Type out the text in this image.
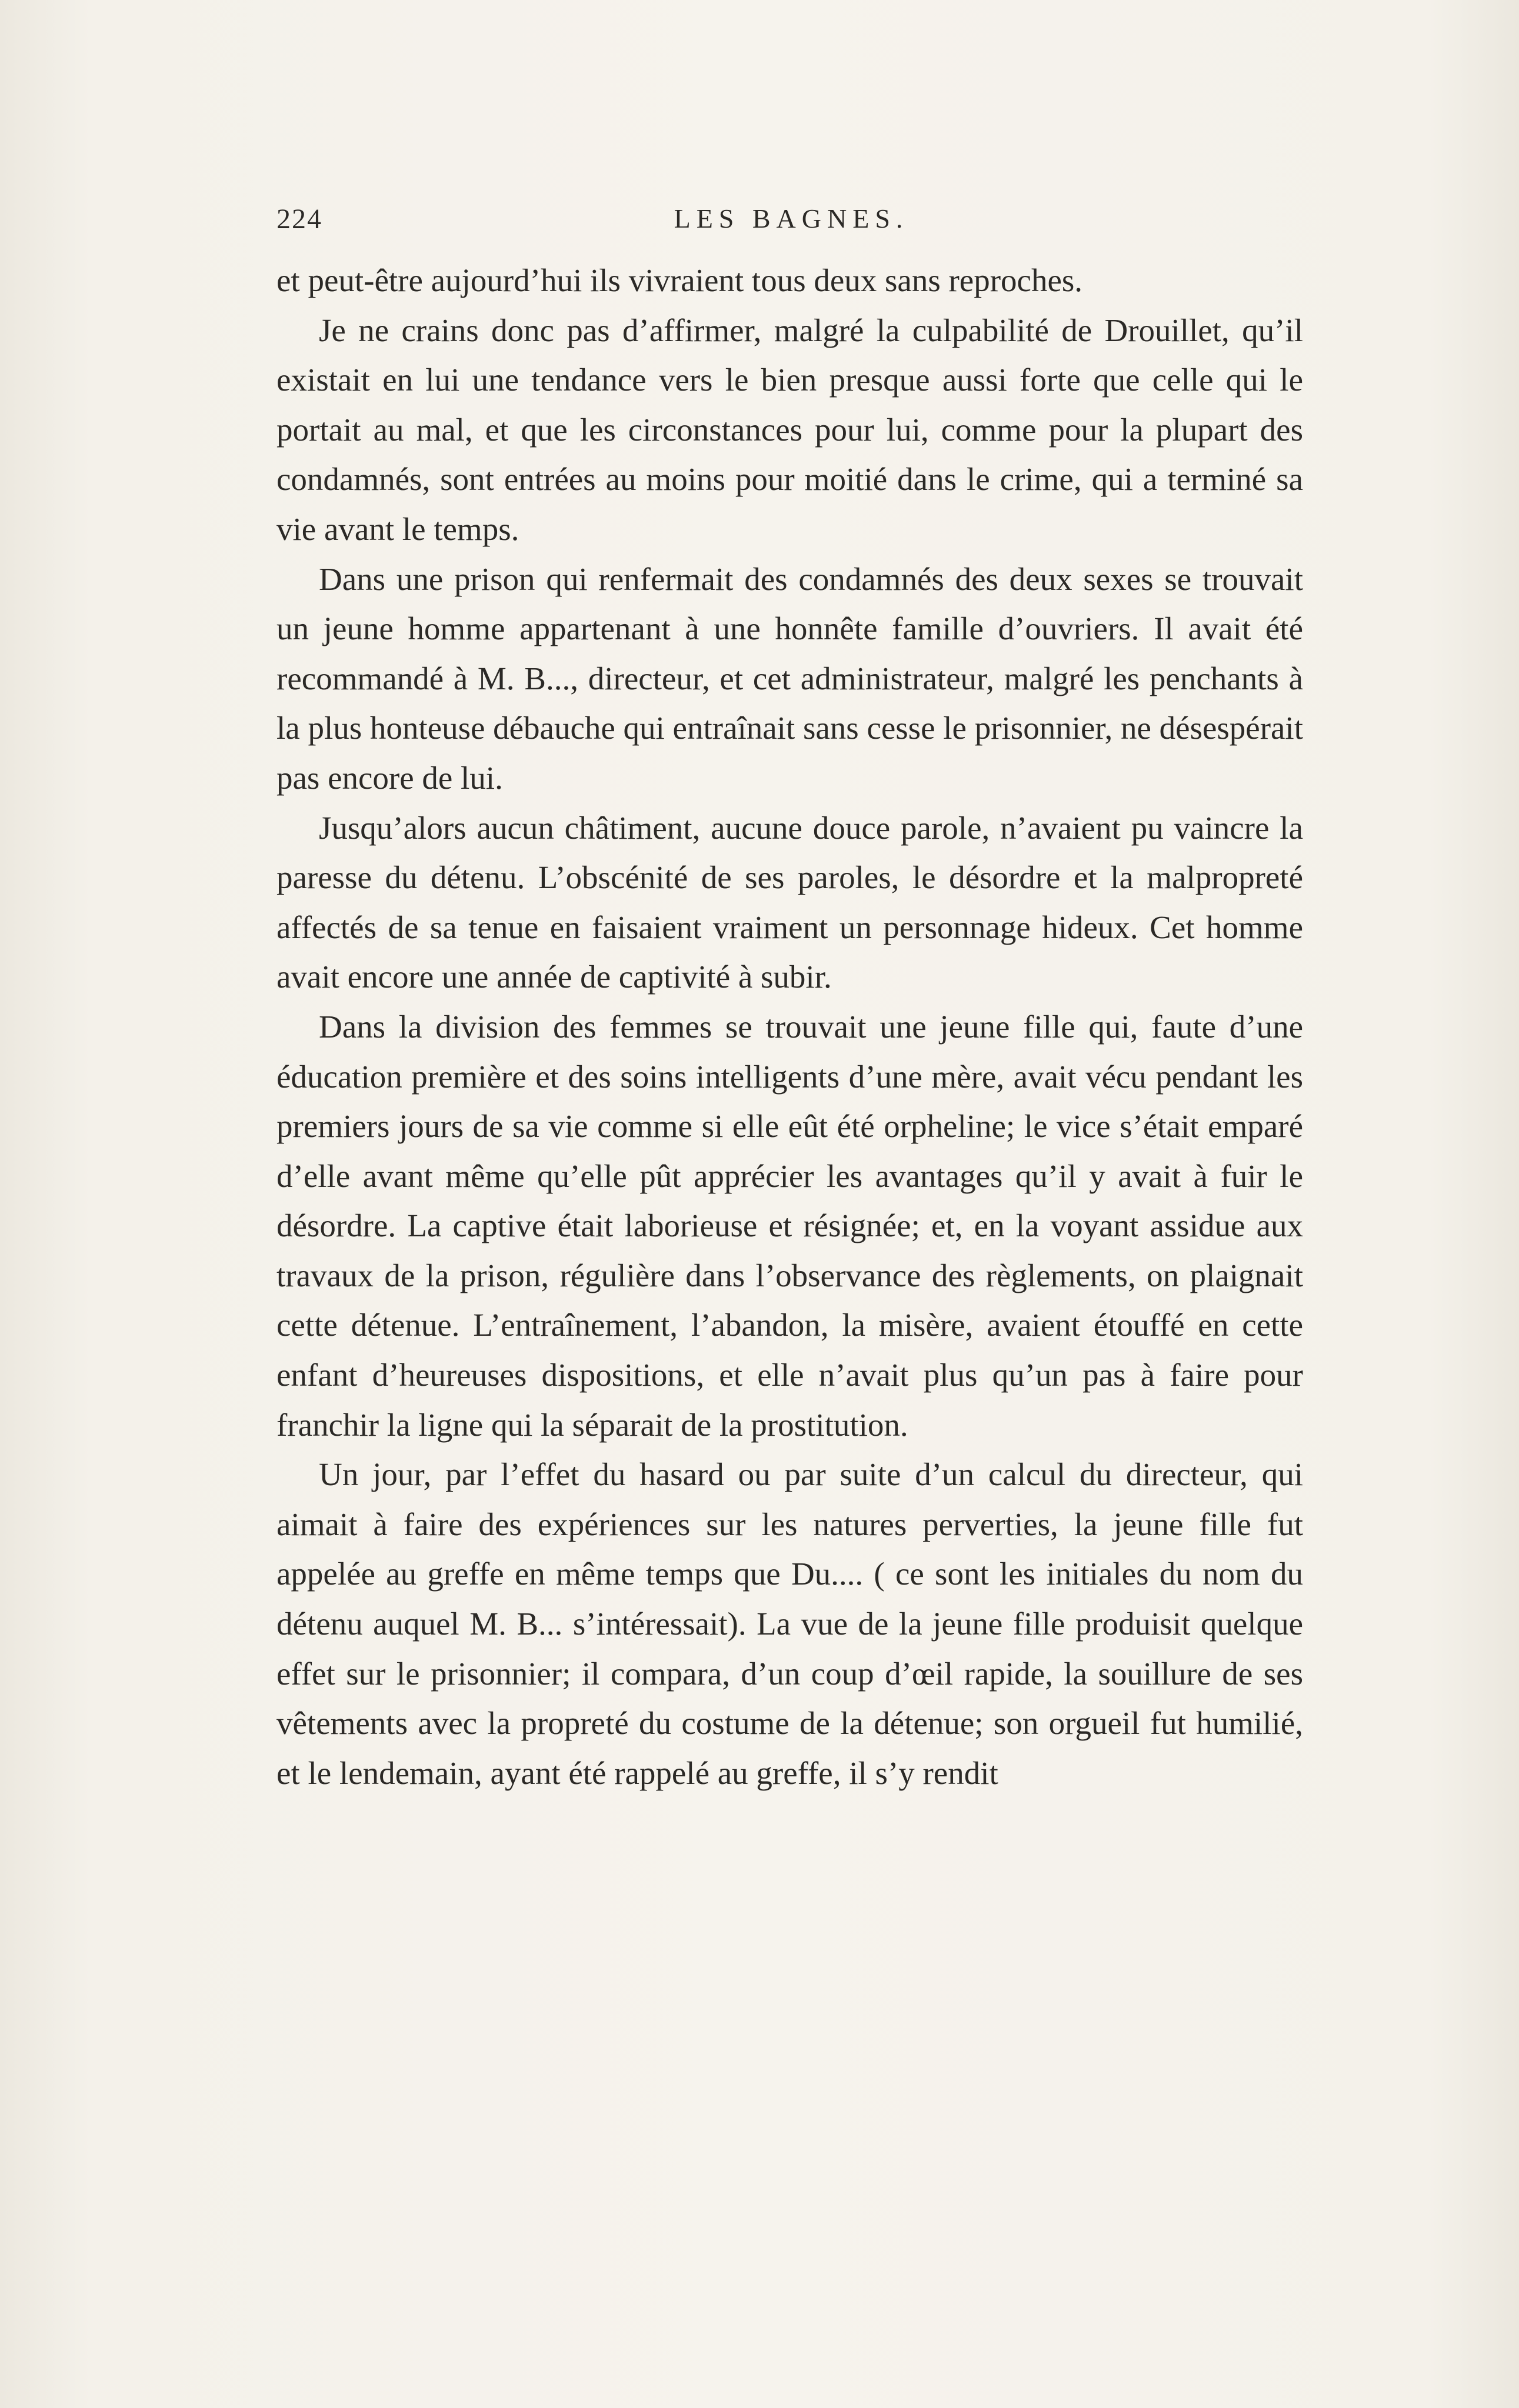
224	LES BAGNES.

et peut-être aujourd’hui ils vivraient tous deux sans reproches.

Je ne crains donc pas d’affirmer, malgré la culpabilité de Drouillet, qu’il existait en lui une tendance vers le bien presque aussi forte que celle qui le portait au mal, et que les circonstances pour lui, comme pour la plupart des condamnés, sont entrées au moins pour moitié dans le crime, qui a terminé sa vie avant le temps.

Dans une prison qui renfermait des condamnés des deux sexes se trouvait un jeune homme appartenant à une honnête famille d’ouvriers. Il avait été recommandé à M. B..., directeur, et cet administrateur, malgré les penchants à la plus honteuse débauche qui entraînait sans cesse le prisonnier, ne désespérait pas encore de lui.

Jusqu’alors aucun châtiment, aucune douce parole, n’avaient pu vaincre la paresse du détenu. L’obscénité de ses paroles, le désordre et la malpropreté affectés de sa tenue en faisaient vraiment un personnage hideux. Cet homme avait encore une année de captivité à subir.

Dans la division des femmes se trouvait une jeune fille qui, faute d’une éducation première et des soins intelligents d’une mère, avait vécu pendant les premiers jours de sa vie comme si elle eût été orpheline; le vice s’était emparé d’elle avant même qu’elle pût apprécier les avantages qu’il y avait à fuir le désordre. La captive était laborieuse et résignée; et, en la voyant assidue aux travaux de la prison, régulière dans l’observance des règlements, on plaignait cette détenue. L’entraînement, l’abandon, la misère, avaient étouffé en cette enfant d’heureuses dispositions, et elle n’avait plus qu’un pas à faire pour franchir la ligne qui la séparait de la prostitution.

Un jour, par l’effet du hasard ou par suite d’un calcul du directeur, qui aimait à faire des expériences sur les natures perverties, la jeune fille fut appelée au greffe en même temps que Du.... ( ce sont les initiales du nom du détenu auquel M. B... s’intéressait). La vue de la jeune fille produisit quelque effet sur le prisonnier; il compara, d’un coup d’œil rapide, la souillure de ses vêtements avec la propreté du costume de la détenue; son orgueil fut humilié, et le lendemain, ayant été rappelé au greffe, il s’y rendit
